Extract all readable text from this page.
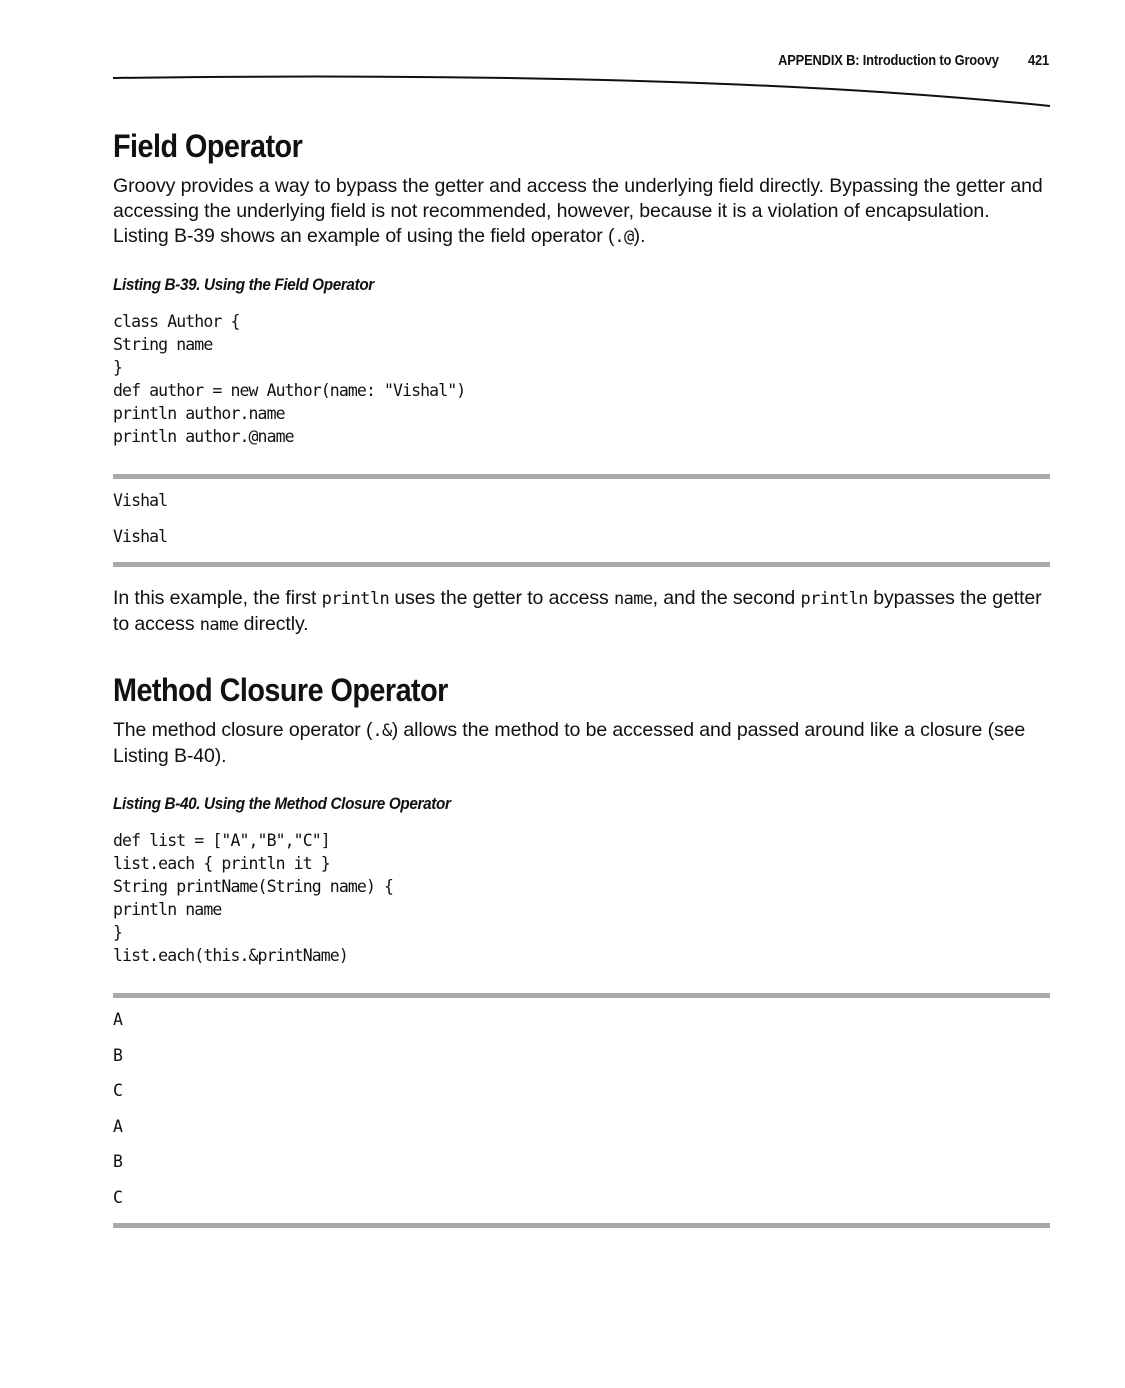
APPENDIX B: Introduction to Groovy 421
Field Operator

Groovy provides a way to bypass the getter and access the underlying field directly. Bypassing the getter and accessing the underlying field is not recommended, however, because it is a violation of encapsulation. Listing B-39 shows an example of using the field operator (.@).

Listing B-39. Using the Field Operator
class Author {
String name
}
def author = new Author(name: "Vishal")
println author.name
println author.@name
Vishal
Vishal

In this example, the first println uses the getter to access name, and the second println bypasses the getter to access name directly.

Method Closure Operator

The method closure operator (.&) allows the method to be accessed and passed around like a closure (see Listing B-40).

Listing B-40. Using the Method Closure Operator
def list = ["A","B","C"]
list.each { println it }
String printName(String name) {
println name
}
list.each(this.&printName)
A
B
C
A
B
C
